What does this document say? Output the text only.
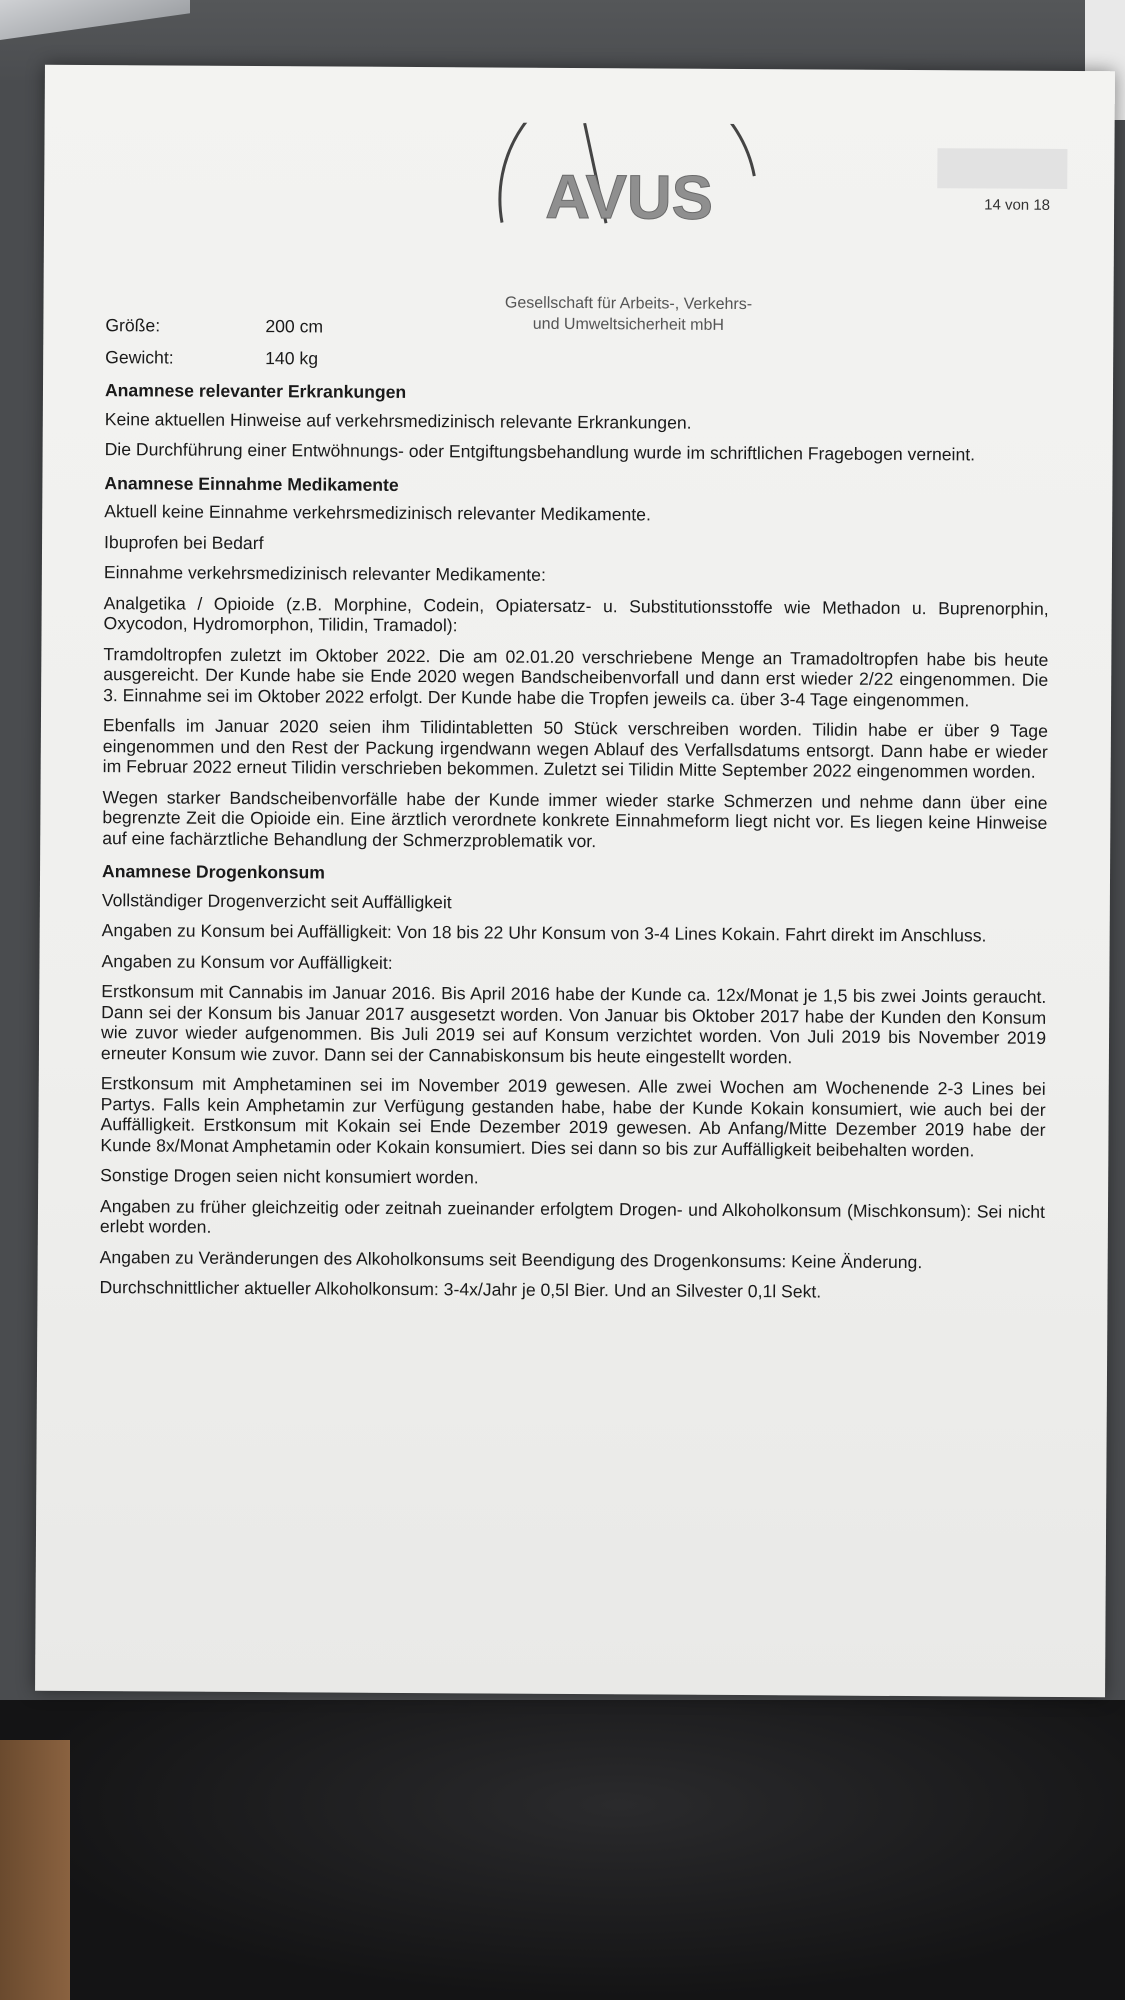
14 von 18
AVUS
Gesellschaft für Arbeits-, Verkehrs-
und Umweltsicherheit mbH
Größe:	200 cm
Gewicht:	140 kg
Anamnese relevanter Erkrankungen

Keine aktuellen Hinweise auf verkehrsmedizinisch relevante Erkrankungen.

Die Durchführung einer Entwöhnungs- oder Entgiftungsbehandlung wurde im schriftlichen Fragebogen verneint.

Anamnese Einnahme Medikamente

Aktuell keine Einnahme verkehrsmedizinisch relevanter Medikamente.

Ibuprofen bei Bedarf

Einnahme verkehrsmedizinisch relevanter Medikamente:

Analgetika / Opioide (z.B. Morphine, Codein, Opiatersatz- u. Substitutionsstoffe wie Methadon u. Buprenorphin, Oxycodon, Hydromorphon, Tilidin, Tramadol):

Tramdoltropfen zuletzt im Oktober 2022. Die am 02.01.20 verschriebene Menge an Tramadoltropfen habe bis heute ausgereicht. Der Kunde habe sie Ende 2020 wegen Bandscheibenvorfall und dann erst wieder 2/22 eingenommen. Die 3. Einnahme sei im Oktober 2022 erfolgt. Der Kunde habe die Tropfen jeweils ca. über 3-4 Tage eingenommen.

Ebenfalls im Januar 2020 seien ihm Tilidintabletten 50 Stück verschreiben worden. Tilidin habe er über 9 Tage eingenommen und den Rest der Packung irgendwann wegen Ablauf des Verfallsdatums entsorgt. Dann habe er wieder im Februar 2022 erneut Tilidin verschrieben bekommen. Zuletzt sei Tilidin Mitte September 2022 eingenommen worden.

Wegen starker Bandscheibenvorfälle habe der Kunde immer wieder starke Schmerzen und nehme dann über eine begrenzte Zeit die Opioide ein. Eine ärztlich verordnete konkrete Einnahmeform liegt nicht vor. Es liegen keine Hinweise auf eine fachärztliche Behandlung der Schmerzproblematik vor.

Anamnese Drogenkonsum

Vollständiger Drogenverzicht seit Auffälligkeit

Angaben zu Konsum bei Auffälligkeit: Von 18 bis 22 Uhr Konsum von 3-4 Lines Kokain. Fahrt direkt im Anschluss.

Angaben zu Konsum vor Auffälligkeit:

Erstkonsum mit Cannabis im Januar 2016. Bis April 2016 habe der Kunde ca. 12x/Monat je 1,5 bis zwei Joints geraucht. Dann sei der Konsum bis Januar 2017 ausgesetzt worden. Von Januar bis Oktober 2017 habe der Kunden den Konsum wie zuvor wieder aufgenommen. Bis Juli 2019 sei auf Konsum verzichtet worden. Von Juli 2019 bis November 2019 erneuter Konsum wie zuvor. Dann sei der Cannabiskonsum bis heute eingestellt worden.

Erstkonsum mit Amphetaminen sei im November 2019 gewesen. Alle zwei Wochen am Wochenende 2-3 Lines bei Partys. Falls kein Amphetamin zur Verfügung gestanden habe, habe der Kunde Kokain konsumiert, wie auch bei der Auffälligkeit. Erstkonsum mit Kokain sei Ende Dezember 2019 gewesen. Ab Anfang/Mitte Dezember 2019 habe der Kunde 8x/Monat Amphetamin oder Kokain konsumiert. Dies sei dann so bis zur Auffälligkeit beibehalten worden.

Sonstige Drogen seien nicht konsumiert worden.

Angaben zu früher gleichzeitig oder zeitnah zueinander erfolgtem Drogen- und Alkoholkonsum (Mischkonsum): Sei nicht erlebt worden.

Angaben zu Veränderungen des Alkoholkonsums seit Beendigung des Drogenkonsums: Keine Änderung.

Durchschnittlicher aktueller Alkoholkonsum: 3-4x/Jahr je 0,5l Bier. Und an Silvester 0,1l Sekt.
